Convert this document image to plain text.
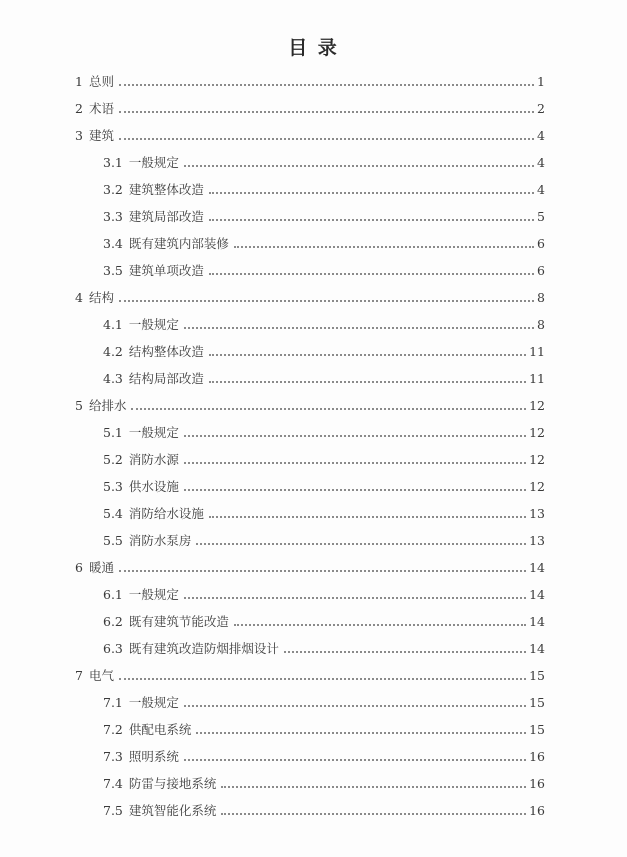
目 录
1 总则	1
2 术语	2
3 建筑	4
3.1 一般规定	4
3.2 建筑整体改造	4
3.3 建筑局部改造	5
3.4 既有建筑内部装修	6
3.5 建筑单项改造	6
4 结构	8
4.1 一般规定	8
4.2 结构整体改造	11
4.3 结构局部改造	11
5 给排水	12
5.1 一般规定	12
5.2 消防水源	12
5.3 供水设施	12
5.4 消防给水设施	13
5.5 消防水泵房	13
6 暖通	14
6.1 一般规定	14
6.2 既有建筑节能改造	14
6.3 既有建筑改造防烟排烟设计	14
7 电气	15
7.1 一般规定	15
7.2 供配电系统	15
7.3 照明系统	16
7.4 防雷与接地系统	16
7.5 建筑智能化系统	16
